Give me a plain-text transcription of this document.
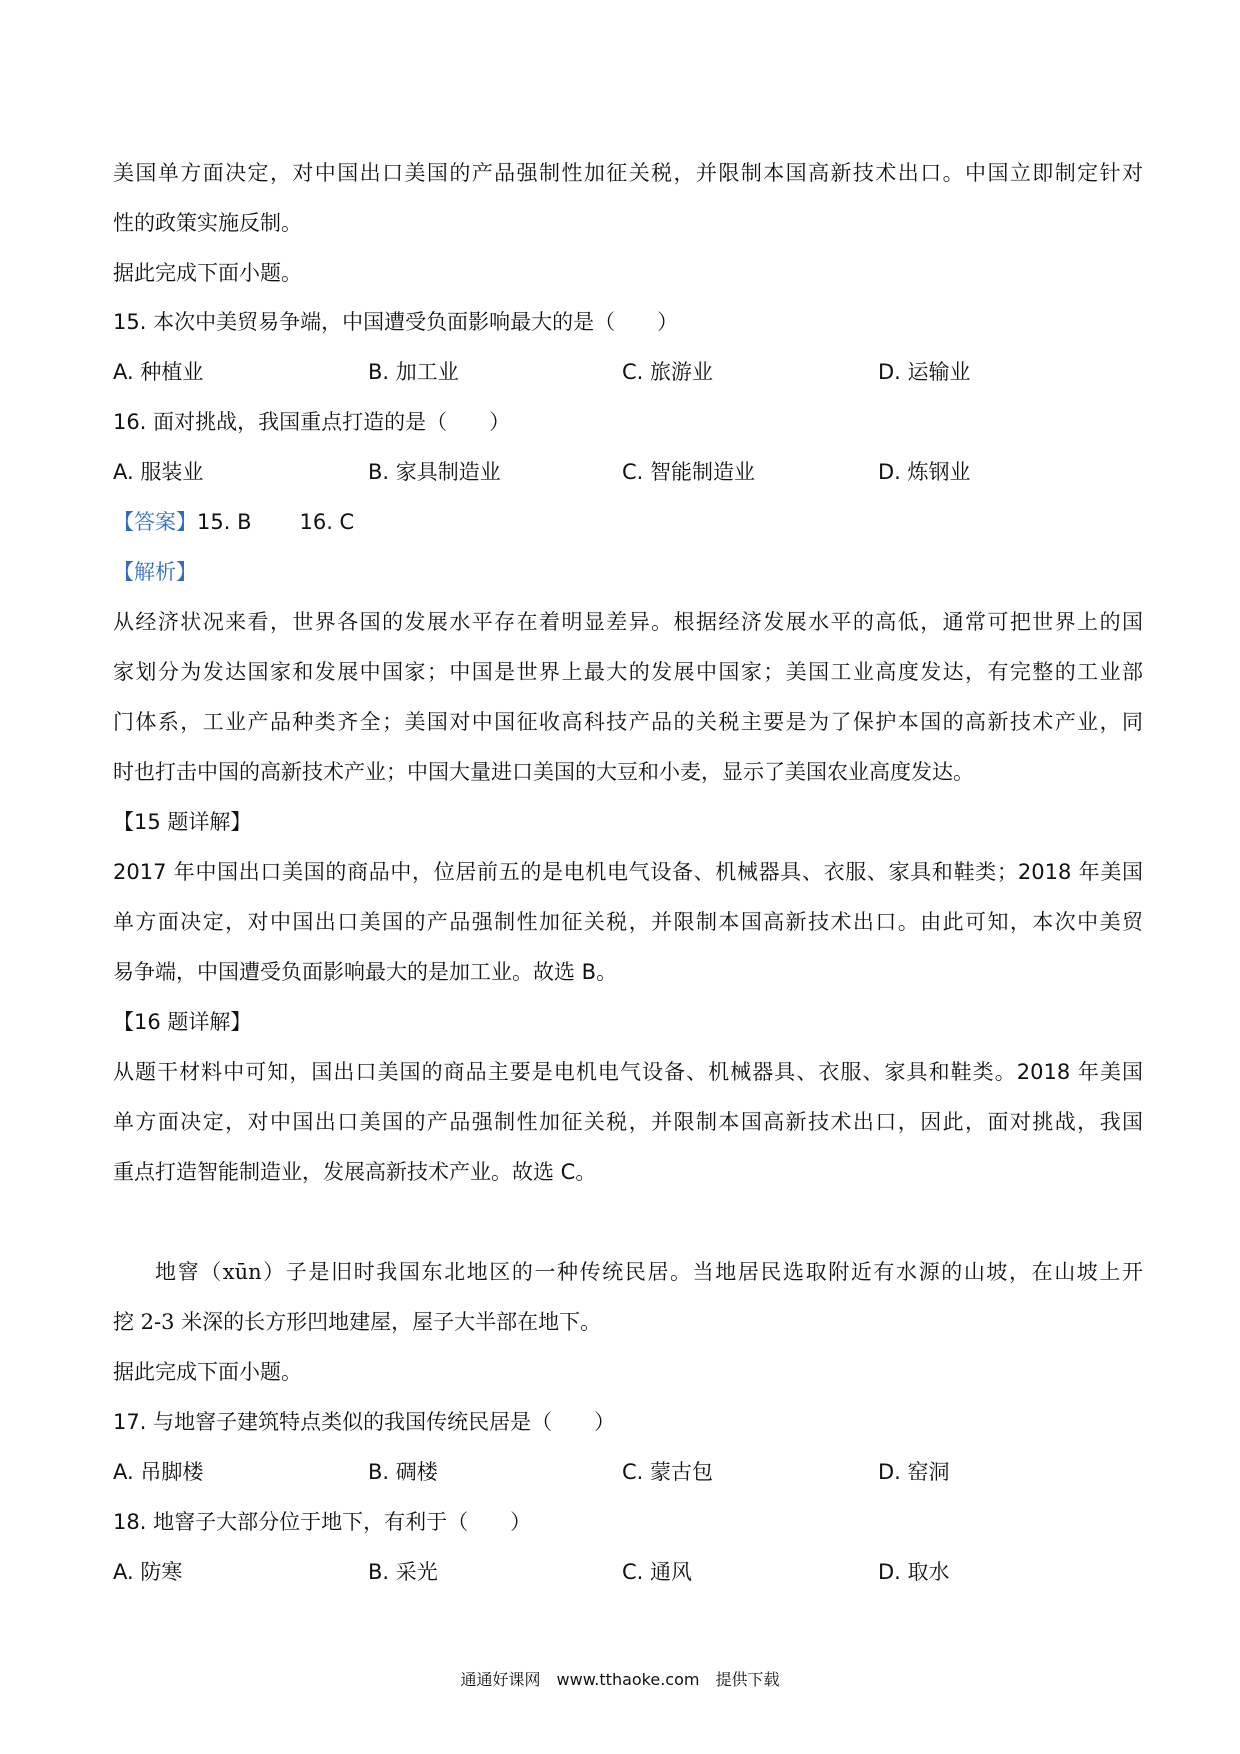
美国单方面决定，对中国出口美国的产品强制性加征关税，并限制本国高新技术出口。中国立即制定针对
性的政策实施反制。
据此完成下面小题。
15. 本次中美贸易争端，中国遭受负面影响最大的是（　　）
A. 种植业	B. 加工业	C. 旅游业	D. 运输业
16. 面对挑战，我国重点打造的是（　　）
A. 服装业	B. 家具制造业	C. 智能制造业	D. 炼钢业
【答案】15. B 16. C
【解析】
从经济状况来看，世界各国的发展水平存在着明显差异。根据经济发展水平的高低，通常可把世界上的国
家划分为发达国家和发展中国家；中国是世界上最大的发展中国家；美国工业高度发达，有完整的工业部
门体系，工业产品种类齐全；美国对中国征收高科技产品的关税主要是为了保护本国的高新技术产业，同
时也打击中国的高新技术产业；中国大量进口美国的大豆和小麦，显示了美国农业高度发达。
【15 题详解】
2017 年中国出口美国的商品中，位居前五的是电机电气设备、机械器具、衣服、家具和鞋类；2018 年美国
单方面决定，对中国出口美国的产品强制性加征关税，并限制本国高新技术出口。由此可知，本次中美贸
易争端，中国遭受负面影响最大的是加工业。故选 B。
【16 题详解】
从题干材料中可知，国出口美国的商品主要是电机电气设备、机械器具、衣服、家具和鞋类。2018 年美国
单方面决定，对中国出口美国的产品强制性加征关税，并限制本国高新技术出口，因此，面对挑战，我国
重点打造智能制造业，发展高新技术产业。故选 C。
地窨（xūn）子是旧时我国东北地区的一种传统民居。当地居民选取附近有水源的山坡，在山坡上开
挖 2-3 米深的长方形凹地建屋，屋子大半部在地下。
据此完成下面小题。
17. 与地窨子建筑特点类似的我国传统民居是（　　）
A. 吊脚楼	B. 碉楼	C. 蒙古包	D. 窑洞
18. 地窨子大部分位于地下，有利于（　　）
A. 防寒	B. 采光	C. 通风	D. 取水
通通好课网　www.tthaoke.com　提供下载
